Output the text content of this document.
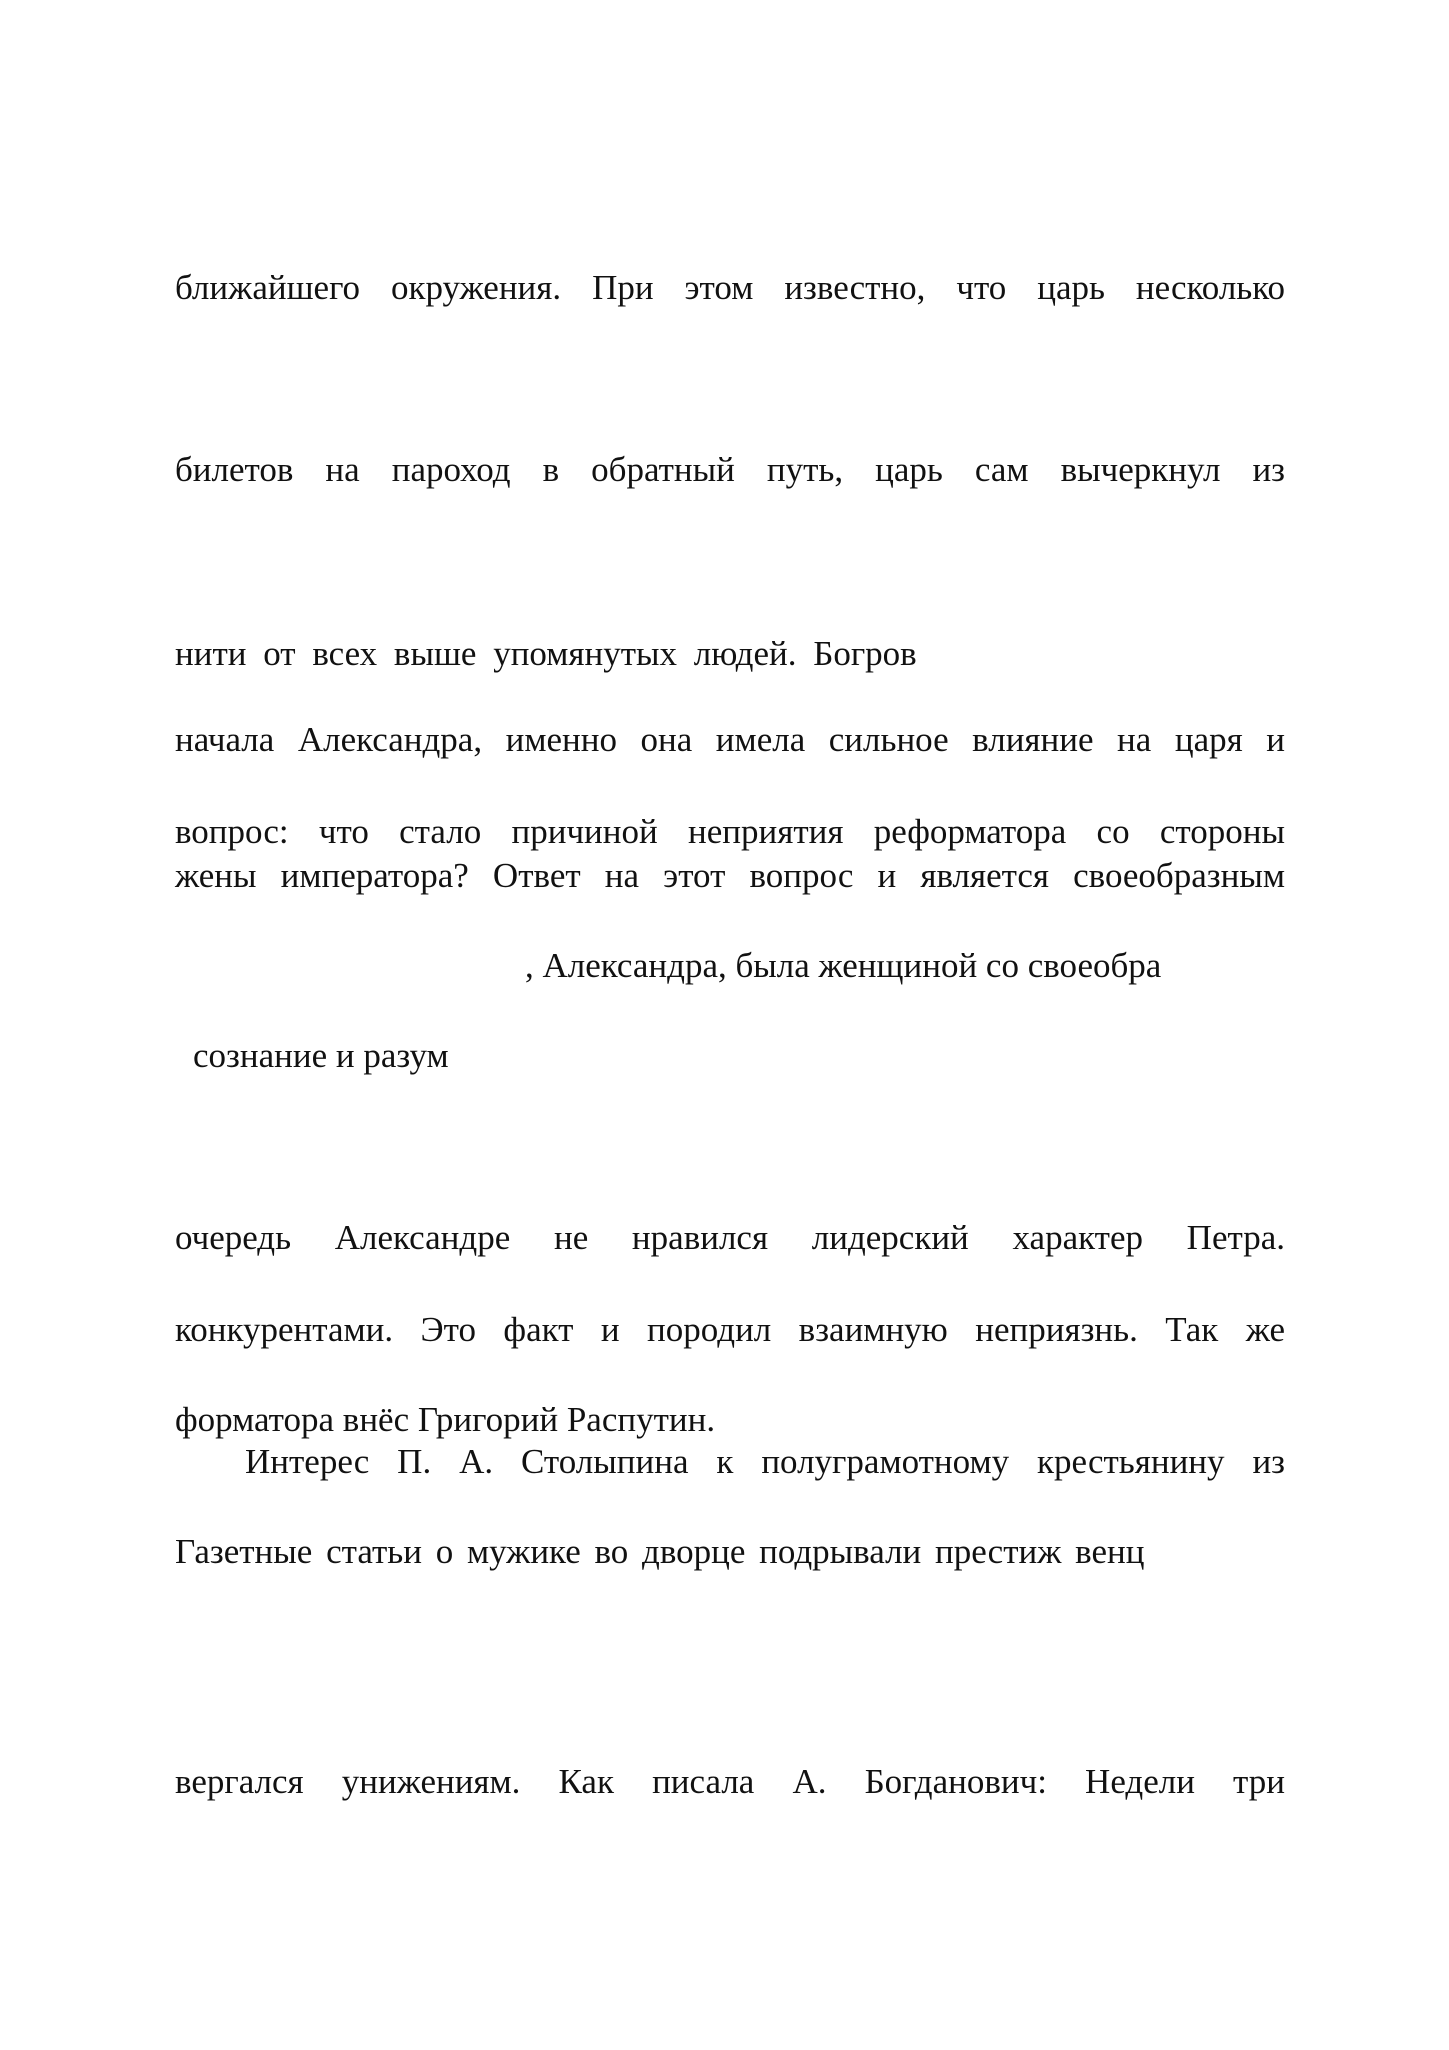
ближайшего окружения. При этом известно, что царь несколько

билетов на пароход в обратный путь, царь сам вычеркнул из

нити от всех выше упомянутых людей. Богров

начала Александра, именно она имела сильное влияние на царя и

вопрос: что стало причиной неприятия реформатора со стороны

жены императора? Ответ на этот вопрос и является своеобразным

, Александра, была женщиной со своеобра

сознание и разум

очередь Александре не нравился лидерский характер Петра.

конкурентами. Это факт и породил взаимную неприязнь. Так же

форматора внёс Григорий Распутин.

Интерес П. А. Столыпина к полуграмотному крестьянину из

Газетные статьи о мужике во дворце подрывали престиж венц

вергался унижениям. Как писала А. Богданович: Недели три
